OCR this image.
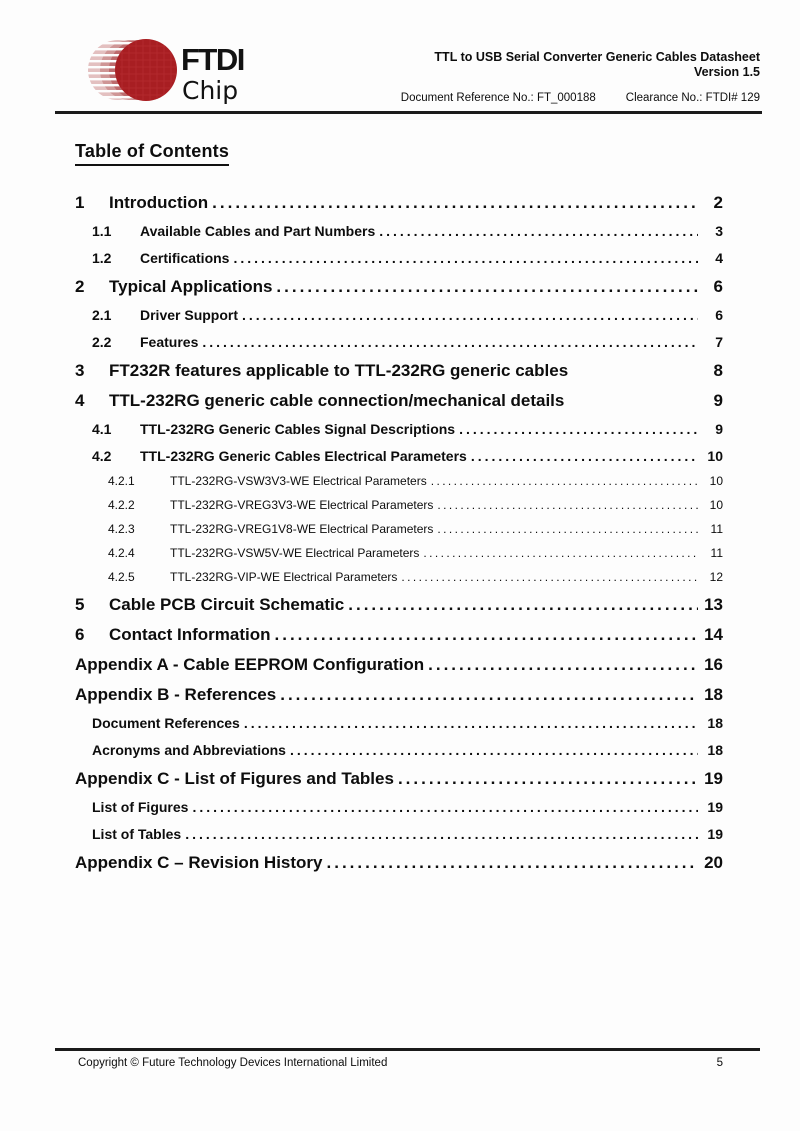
FTDI
Chip
TTL to USB Serial Converter Generic Cables Datasheet
Version 1.5
Document Reference No.: FT_000188	Clearance No.: FTDI# 129
Table of Contents
1	Introduction .....	2
1.1	Available Cables and Part Numbers .....	3
1.2	Certifications .....	4
2	Typical Applications .....	6
2.1	Driver Support .....	6
2.2	Features .....	7
3	FT232R features applicable to TTL-232RG generic cables	8
4	TTL-232RG generic cable connection/mechanical details	9
4.1	TTL-232RG Generic Cables Signal Descriptions .....	9
4.2	TTL-232RG Generic Cables Electrical Parameters .....	10
4.2.1	TTL-232RG-VSW3V3-WE Electrical Parameters .....	10
4.2.2	TTL-232RG-VREG3V3-WE Electrical Parameters .....	10
4.2.3	TTL-232RG-VREG1V8-WE Electrical Parameters .....	11
4.2.4	TTL-232RG-VSW5V-WE Electrical Parameters .....	11
4.2.5	TTL-232RG-VIP-WE Electrical Parameters .....	12
5	Cable PCB Circuit Schematic .....	13
6	Contact Information .....	14
Appendix A - Cable EEPROM Configuration .....	16
Appendix B - References .....	18
Document References .....	18
Acronyms and Abbreviations .....	18
Appendix C - List of Figures and Tables .....	19
List of Figures .....	19
List of Tables .....	19
Appendix C – Revision History .....	20
Copyright © Future Technology Devices International Limited	5
